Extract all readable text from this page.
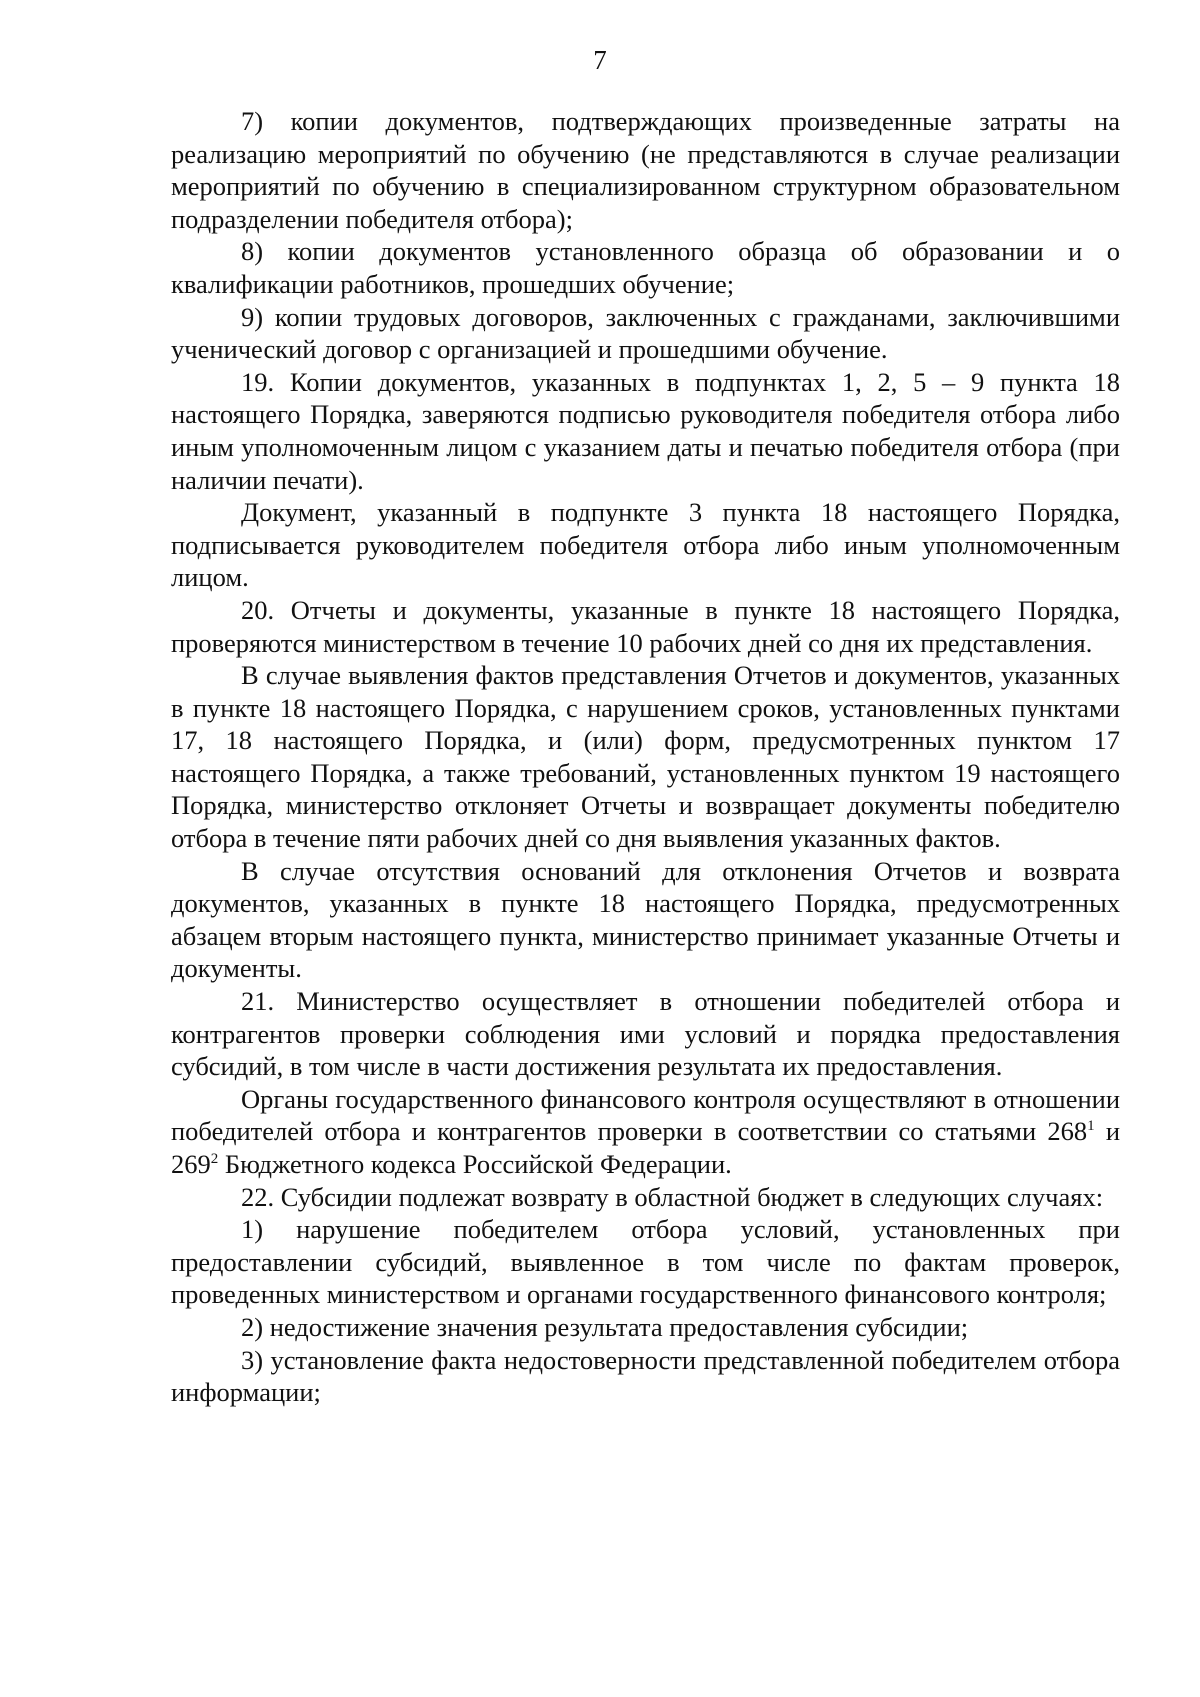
7

7) копии документов, подтверждающих произведенные затраты на реализацию мероприятий по обучению (не представляются в случае реализации мероприятий по обучению в специализированном структурном образовательном подразделении победителя отбора);

8) копии документов установленного образца об образовании и о квалификации работников, прошедших обучение;

9) копии трудовых договоров, заключенных с гражданами, заключившими ученический договор с организацией и прошедшими обучение.

19. Копии документов, указанных в подпунктах 1, 2, 5 – 9 пункта 18 настоящего Порядка, заверяются подписью руководителя победителя отбора либо иным уполномоченным лицом с указанием даты и печатью победителя отбора (при наличии печати).

Документ, указанный в подпункте 3 пункта 18 настоящего Порядка, подписывается руководителем победителя отбора либо иным уполномоченным лицом.

20. Отчеты и документы, указанные в пункте 18 настоящего Порядка, проверяются министерством в течение 10 рабочих дней со дня их представления.

В случае выявления фактов представления Отчетов и документов, указанных в пункте 18 настоящего Порядка, с нарушением сроков, установленных пунктами 17, 18 настоящего Порядка, и (или) форм, предусмотренных пунктом 17 настоящего Порядка, а также требований, установленных пунктом 19 настоящего Порядка, министерство отклоняет Отчеты и возвращает документы победителю отбора в течение пяти рабочих дней со дня выявления указанных фактов.

В случае отсутствия оснований для отклонения Отчетов и возврата документов, указанных в пункте 18 настоящего Порядка, предусмотренных абзацем вторым настоящего пункта, министерство принимает указанные Отчеты и документы.

21. Министерство осуществляет в отношении победителей отбора и контрагентов проверки соблюдения ими условий и порядка предоставления субсидий, в том числе в части достижения результата их предоставления.

Органы государственного финансового контроля осуществляют в отношении победителей отбора и контрагентов проверки в соответствии со статьями $268^1$ и $269^2$ Бюджетного кодекса Российской Федерации.

22. Субсидии подлежат возврату в областной бюджет в следующих случаях:

1) нарушение победителем отбора условий, установленных при предоставлении субсидий, выявленное в том числе по фактам проверок, проведенных министерством и органами государственного финансового контроля;

2) недостижение значения результата предоставления субсидии;

3) установление факта недостоверности представленной победителем отбора информации;
